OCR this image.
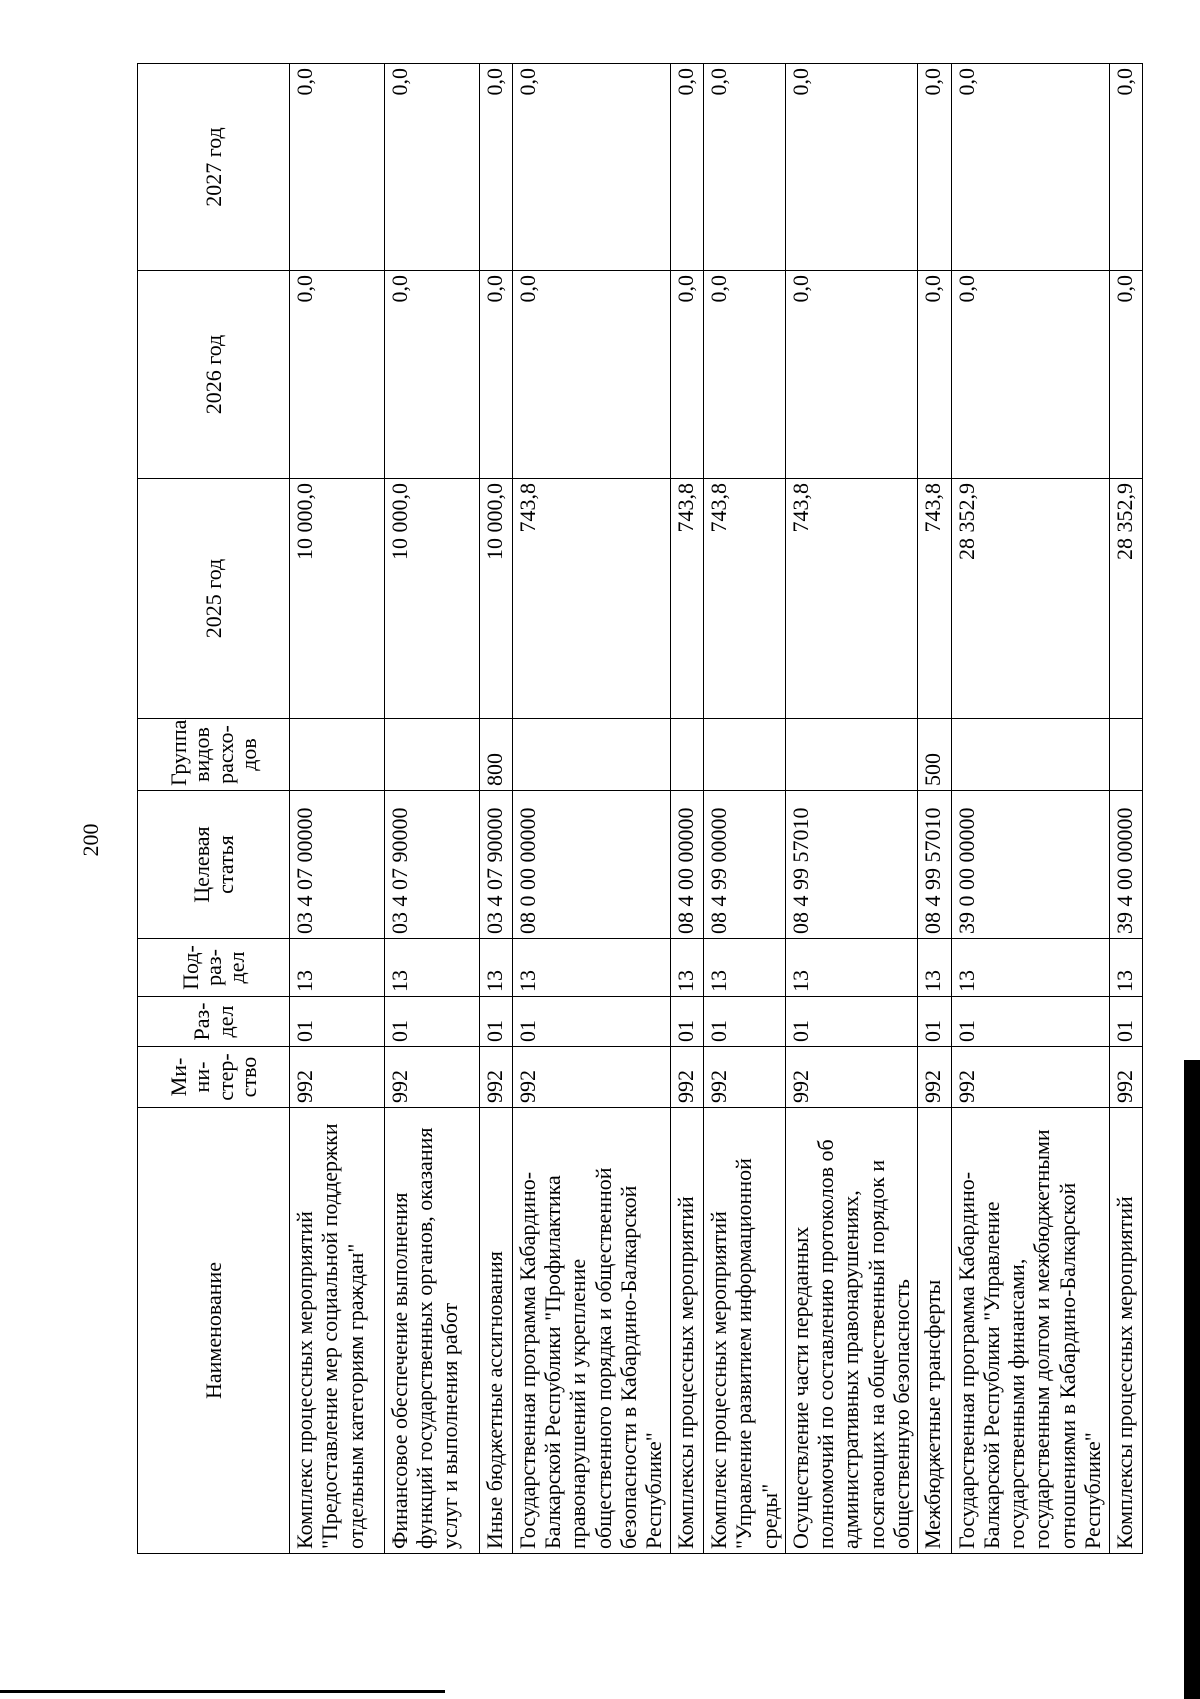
200
Наименование	Ми-ни-стер-ство	Раз-дел	Под-раз-дел	Целевая статья	Группа видов расхо-дов	2025 год	2026 год	2027 год
Комплекс процессных мероприятий "Предоставление мер социальной поддержки отдельным категориям граждан"	992	01	13	03 4 07 00000		10 000,0	0,0	0,0
Финансовое обеспечение выполнения функций государственных органов, оказания услуг и выполнения работ	992	01	13	03 4 07 90000		10 000,0	0,0	0,0
Иные бюджетные ассигнования	992	01	13	03 4 07 90000	800	10 000,0	0,0	0,0
Государственная программа Кабардино-Балкарской Республики "Профилактика правонарушений и укрепление общественного порядка и общественной безопасности в Кабардино-Балкарской Республике"	992	01	13	08 0 00 00000		743,8	0,0	0,0
Комплексы процессных мероприятий	992	01	13	08 4 00 00000		743,8	0,0	0,0
Комплекс процессных мероприятий "Управление развитием информационной среды"	992	01	13	08 4 99 00000		743,8	0,0	0,0
Осуществление части переданных полномочий по составлению протоколов об административных правонарушениях, посягающих на общественный порядок и общественную безопасность	992	01	13	08 4 99 57010		743,8	0,0	0,0
Межбюджетные трансферты	992	01	13	08 4 99 57010	500	743,8	0,0	0,0
Государственная программа Кабардино-Балкарской Республики "Управление государственными финансами, государственным долгом и межбюджетными отношениями в Кабардино-Балкарской Республике"	992	01	13	39 0 00 00000		28 352,9	0,0	0,0
Комплексы процессных мероприятий	992	01	13	39 4 00 00000		28 352,9	0,0	0,0
